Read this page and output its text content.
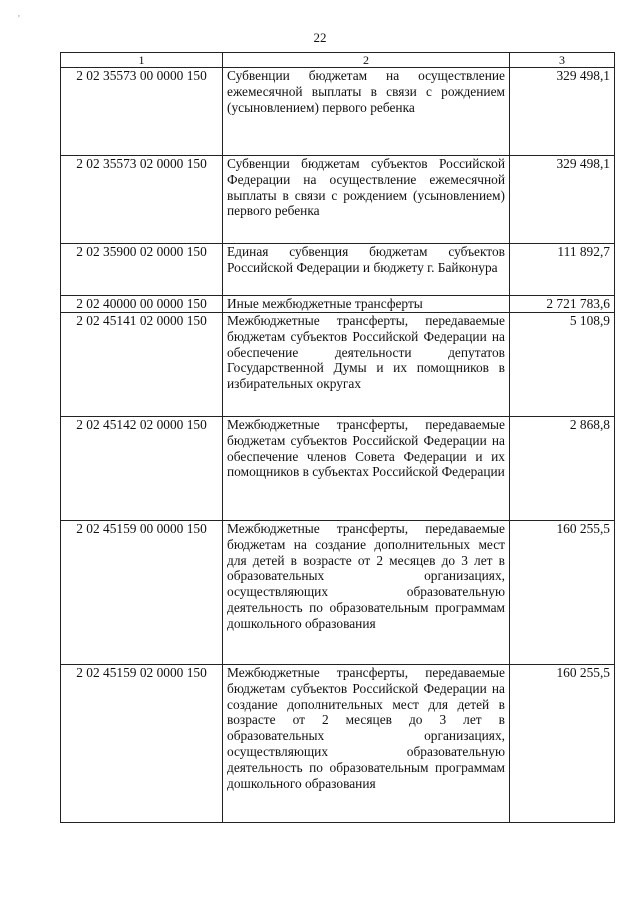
22
1	2	3
2 02 35573 00 0000 150	Субвенции бюджетам на осуществление ежемесячной выплаты в связи с рождением (усыновлением) первого ребенка	329 498,1
2 02 35573 02 0000 150	Субвенции бюджетам субъектов Российской Федерации на осуществление ежемесячной выплаты в связи с рождением (усыновлением) первого ребенка	329 498,1
2 02 35900 02 0000 150	Единая субвенция бюджетам субъектов Российской Федерации и бюджету г. Байконура	111 892,7
2 02 40000 00 0000 150	Иные межбюджетные трансферты	2 721 783,6
2 02 45141 02 0000 150	Межбюджетные трансферты, передаваемые бюджетам субъектов Российской Федерации на обеспечение деятельности депутатов Государственной Думы и их помощников в избирательных округах	5 108,9
2 02 45142 02 0000 150	Межбюджетные трансферты, передаваемые бюджетам субъектов Российской Федерации на обеспечение членов Совета Федерации и их помощников в субъектах Российской Федерации	2 868,8
2 02 45159 00 0000 150	Межбюджетные трансферты, передаваемые бюджетам на создание дополнительных мест для детей в возрасте от 2 месяцев до 3 лет в образовательных организациях, осуществляющих образовательную деятельность по образовательным программам дошкольного образования	160 255,5
2 02 45159 02 0000 150	Межбюджетные трансферты, передаваемые бюджетам субъектов Российской Федерации на создание дополнительных мест для детей в возрасте от 2 месяцев до 3 лет в образовательных организациях, осуществляющих образовательную деятельность по образовательным программам дошкольного образования	160 255,5
'
